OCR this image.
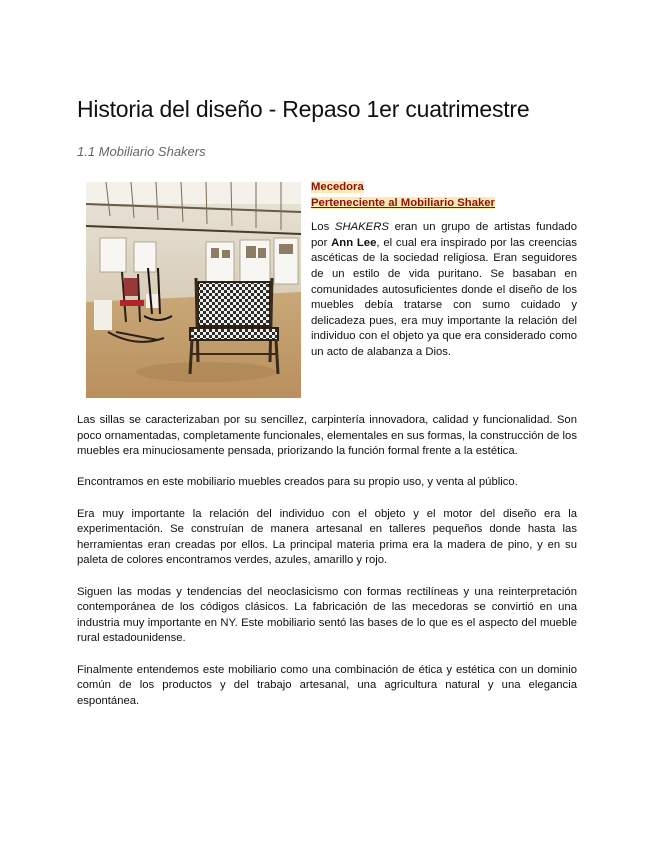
Historia del diseño - Repaso 1er cuatrimestre
1.1 Mobiliario Shakers
Mecedora
Perteneciente al Mobiliario Shaker

Los SHAKERS eran un grupo de artistas fundado por Ann Lee, el cual era inspirado por las creencias ascéticas de la sociedad religiosa. Eran seguidores de un estilo de vida puritano. Se basaban en comunidades autosuficientes donde el diseño de los muebles debía tratarse con sumo cuidado y delicadeza pues, era muy importante la relación del individuo con el objeto ya que era considerado como un acto de alabanza a Dios.

Las sillas se caracterizaban por su sencillez, carpintería innovadora, calidad y funcionalidad. Son poco ornamentadas, completamente funcionales, elementales en sus formas, la construcción de los muebles era minuciosamente pensada, priorizando la función formal frente a la estética.

Encontramos en este mobiliario muebles creados para su propio uso, y venta al público.

Era muy importante la relación del individuo con el objeto y el motor del diseño era la experimentación. Se construían de manera artesanal en talleres pequeños donde hasta las herramientas eran creadas por ellos. La principal materia prima era la madera de pino, y en su paleta de colores encontramos verdes, azules, amarillo y rojo.

Siguen las modas y tendencias del neoclasicismo con formas rectilíneas y una reinterpretación contemporánea de los códigos clásicos. La fabricación de las mecedoras se convirtió en una industria muy importante en NY. Este mobiliario sentó las bases de lo que es el aspecto del mueble rural estadounidense.

Finalmente entendemos este mobiliario como una combinación de ética y estética con un dominio común de los productos y del trabajo artesanal, una agricultura natural y una elegancia espontánea.
